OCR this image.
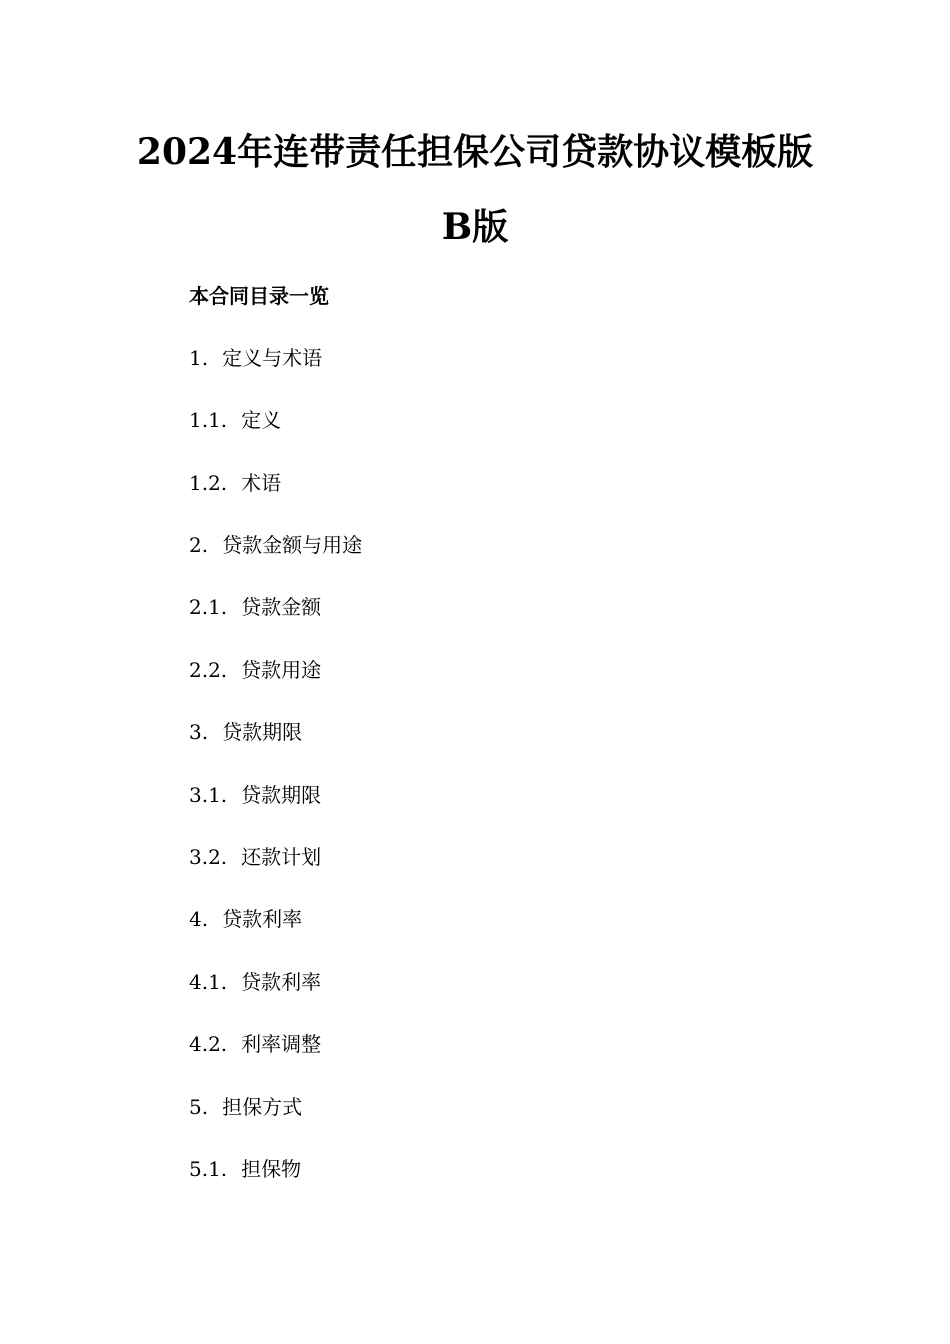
2024年连带责任担保公司贷款协议模板版
B版
本合同目录一览
1. 定义与术语
1.1. 定义
1.2. 术语
2. 贷款金额与用途
2.1. 贷款金额
2.2. 贷款用途
3. 贷款期限
3.1. 贷款期限
3.2. 还款计划
4. 贷款利率
4.1. 贷款利率
4.2. 利率调整
5. 担保方式
5.1. 担保物
